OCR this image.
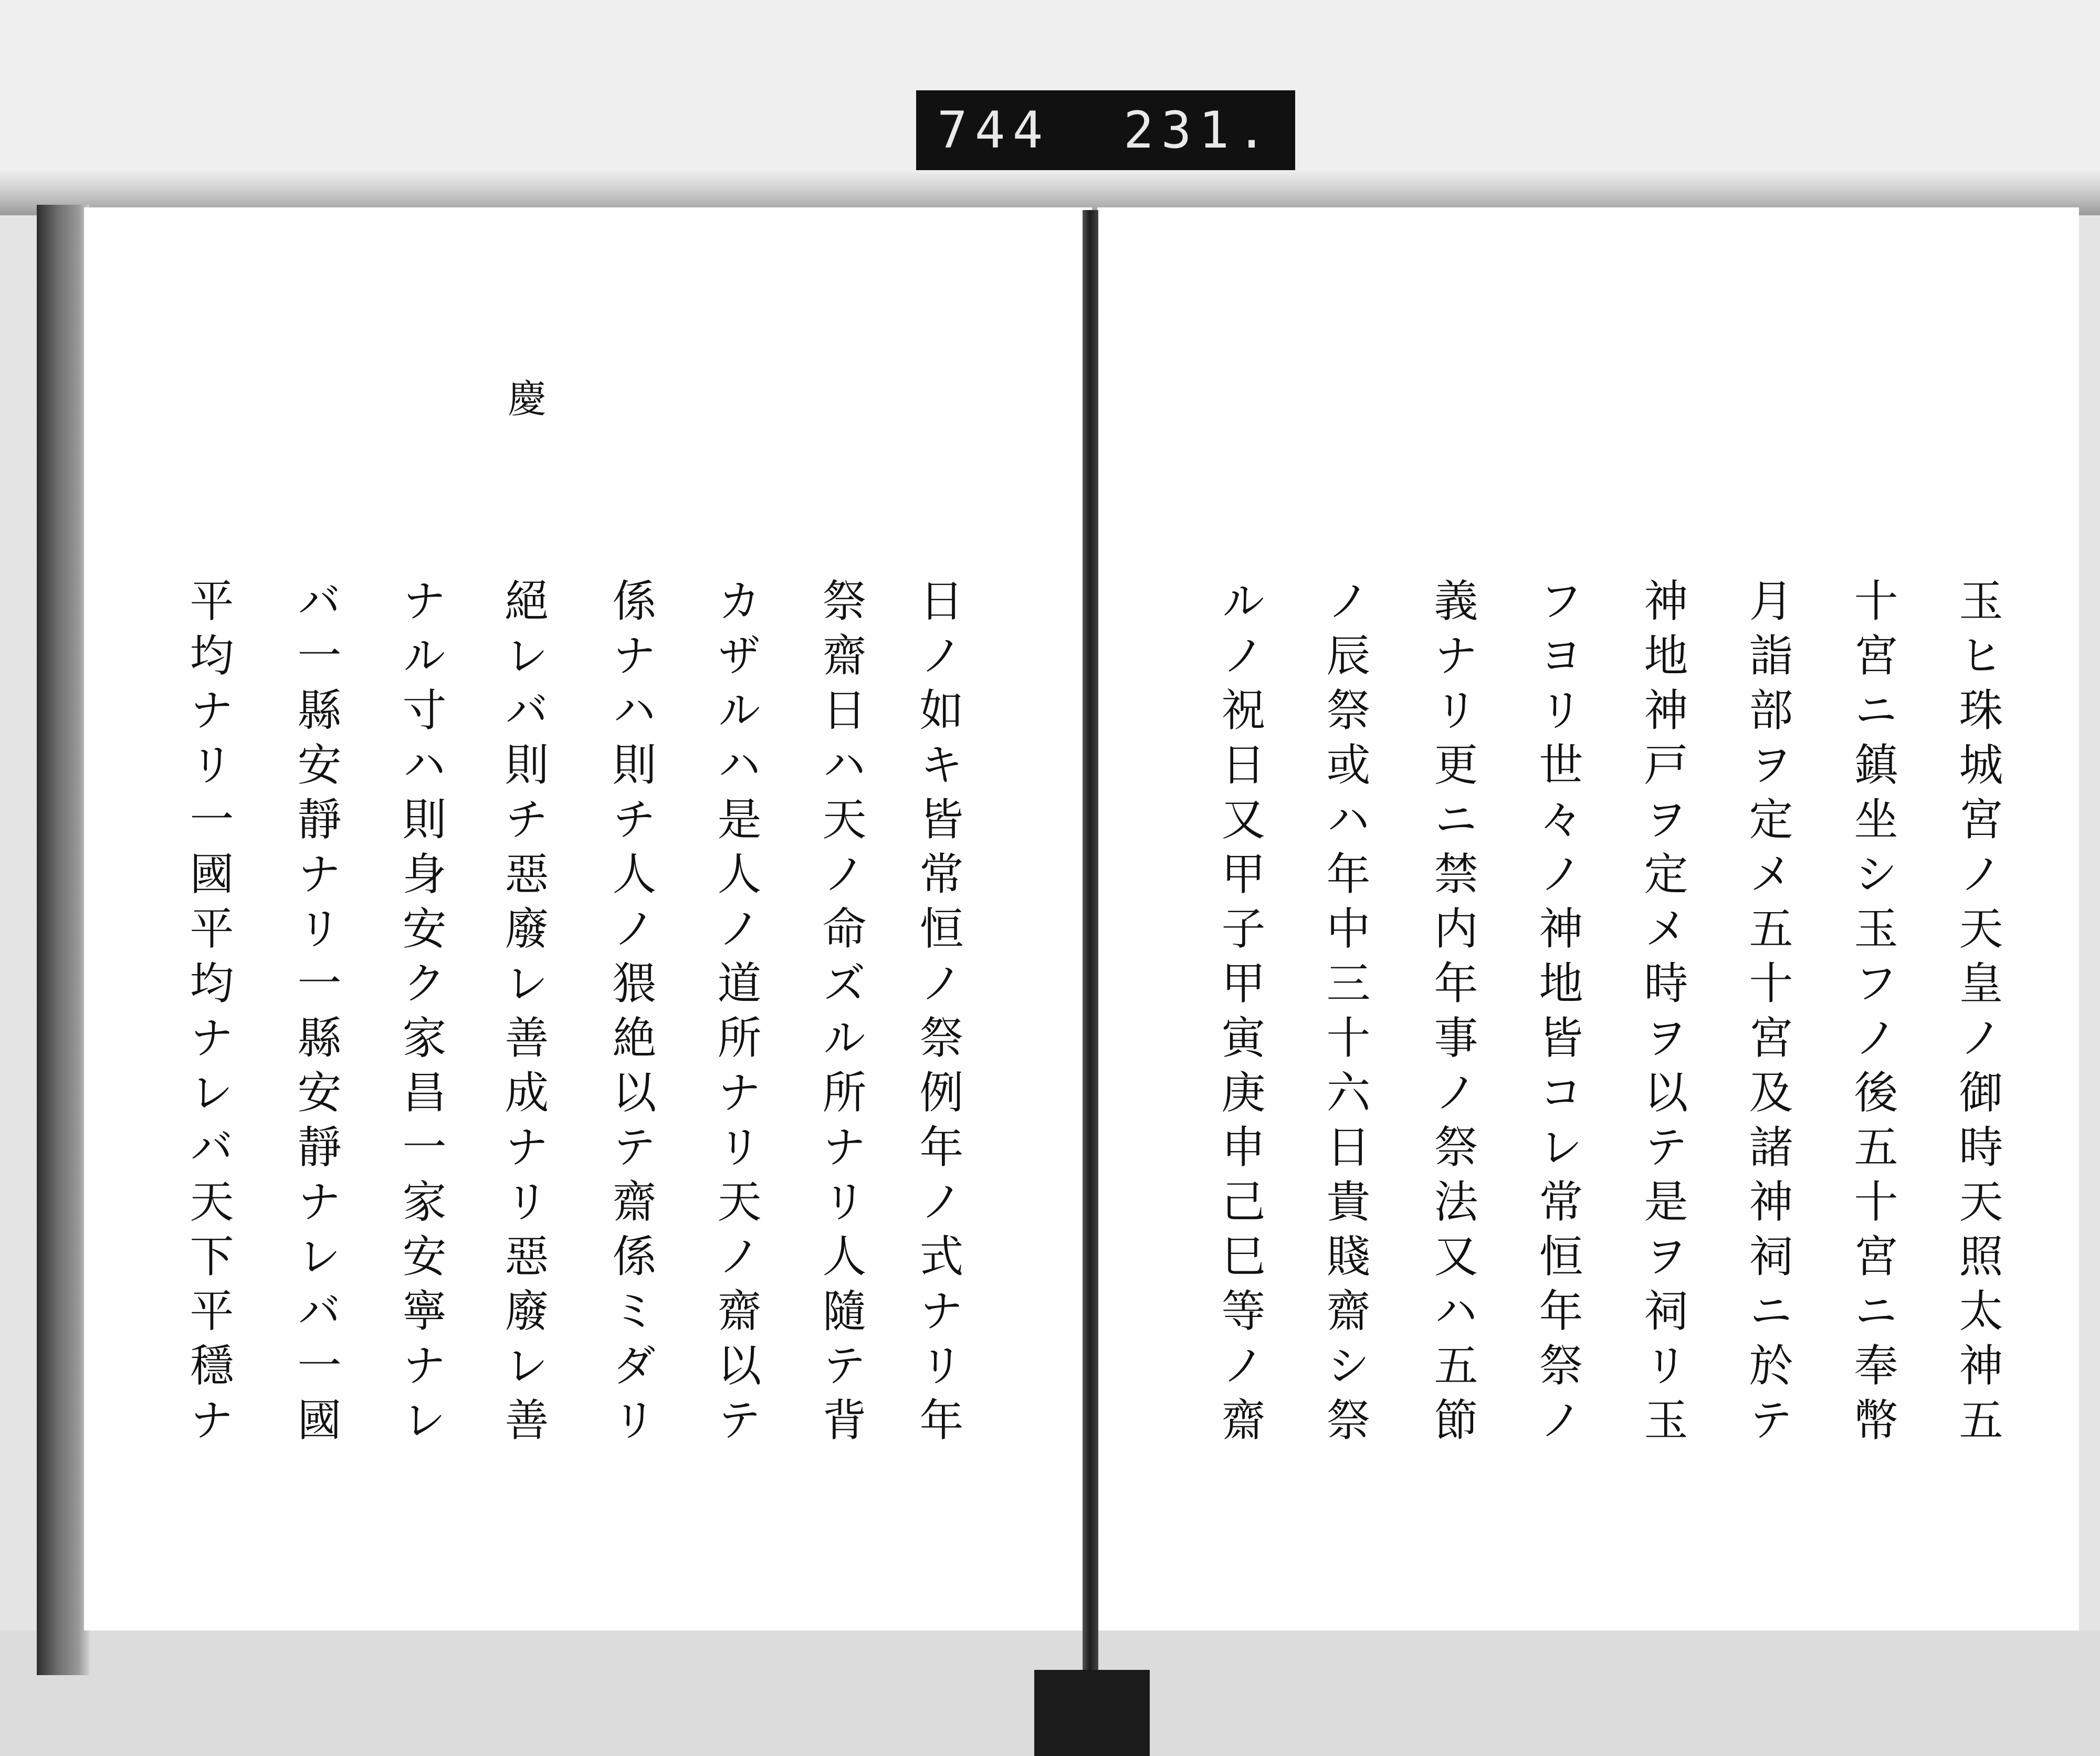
744 231.
慶
日ノ如キ皆常恒ノ祭例年ノ式ナリ年
祭齋日ハ天ノ命ズル所ナリ人隨テ背
カザルハ是人ノ道所ナリ天ノ齋以テ
係ナハ則チ人ノ猥絶以テ齋係ミダリ
絕レバ則チ惡廢レ善成ナリ惡廢レ善
ナル寸ハ則身安ク家昌一家安寧ナレ
バ一縣安靜ナリ一縣安靜ナレバ一國
平均ナリ一國平均ナレバ天下平穩ナ	玉ヒ珠城宮ノ天皇ノ御時天照太神五
十宮ニ鎮坐シ玉フノ後五十宮ニ奉幣
月詣部ヲ定メ五十宮及諸神祠ニ於テ
神地神戸ヲ定メ時ヲ以テ是ヲ祠リ玉
フヨリ世々ノ神地皆コレ常恒年祭ノ
義ナリ更ニ禁内年事ノ祭法又ハ五節
ノ辰祭或ハ年中三十六日貴賤齋シ祭
ルノ祝日又甲子甲寅庚申己巳等ノ齋
